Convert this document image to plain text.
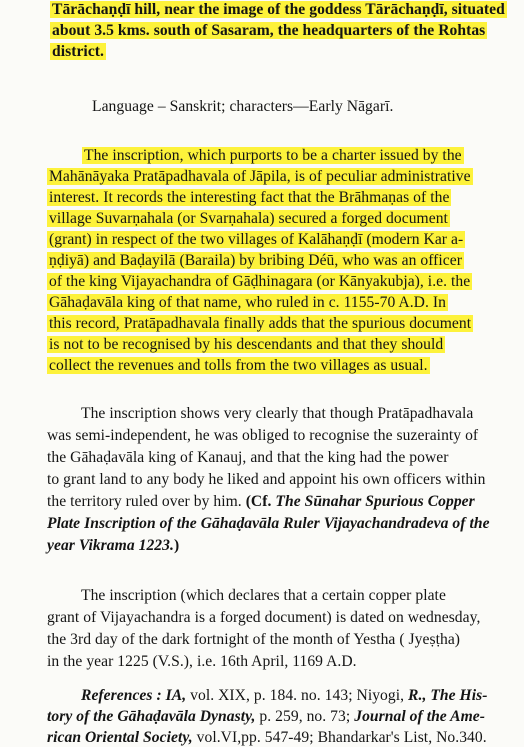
Tārāchaṇḍī hill, near the image of the goddess Tārāchaṇḍī, situated
about 3.5 kms. south of Sasaram, the headquarters of the Rohtas
district.
Language – Sanskrit; characters—Early Nāgarī.
The inscription, which purports to be a charter issued by the
Mahānāyaka Pratāpadhavala of Jāpila, is of peculiar administrative
interest. It records the interesting fact that the Brāhmaṇas of the
village Suvarṇahala (or Svarṇahala) secured a forged document
(grant) in respect of the two villages of Kalāhaṇḍī (modern Kar a-
ṇḍiyā) and Baḍayilā (Baraila) by bribing Déū, who was an officer
of the king Vijayachandra of Gāḍhinagara (or Kānyakubja), i.e. the
Gāhaḍavāla king of that name, who ruled in c. 1155-70 A.D. In
this record, Pratāpadhavala finally adds that the spurious document
is not to be recognised by his descendants and that they should
collect the revenues and tolls from the two villages as usual.
The inscription shows very clearly that though Pratāpadhavala
was semi-independent, he was obliged to recognise the suzerainty of
the Gāhaḍavāla king of Kanauj, and that the king had the power
to grant land to any body he liked and appoint his own officers within
the territory ruled over by him. (Cf. The Sūnahar Spurious Copper
Plate Inscription of the Gāhaḍavāla Ruler Vijayachandradeva of the
year Vikrama 1223.)
The inscription (which declares that a certain copper plate
grant of Vijayachandra is a forged document) is dated on wednesday,
the 3rd day of the dark fortnight of the month of Yestha ( Jyeṣṭha)
in the year 1225 (V.S.), i.e. 16th April, 1169 A.D.
References : IA, vol. XIX, p. 184. no. 143; Niyogi, R., The His-
tory of the Gāhaḍavāla Dynasty, p. 259, no. 73; Journal of the Ame-
rican Oriental Society, vol.VI,pp. 547-49; Bhandarkar's List, No.340.
